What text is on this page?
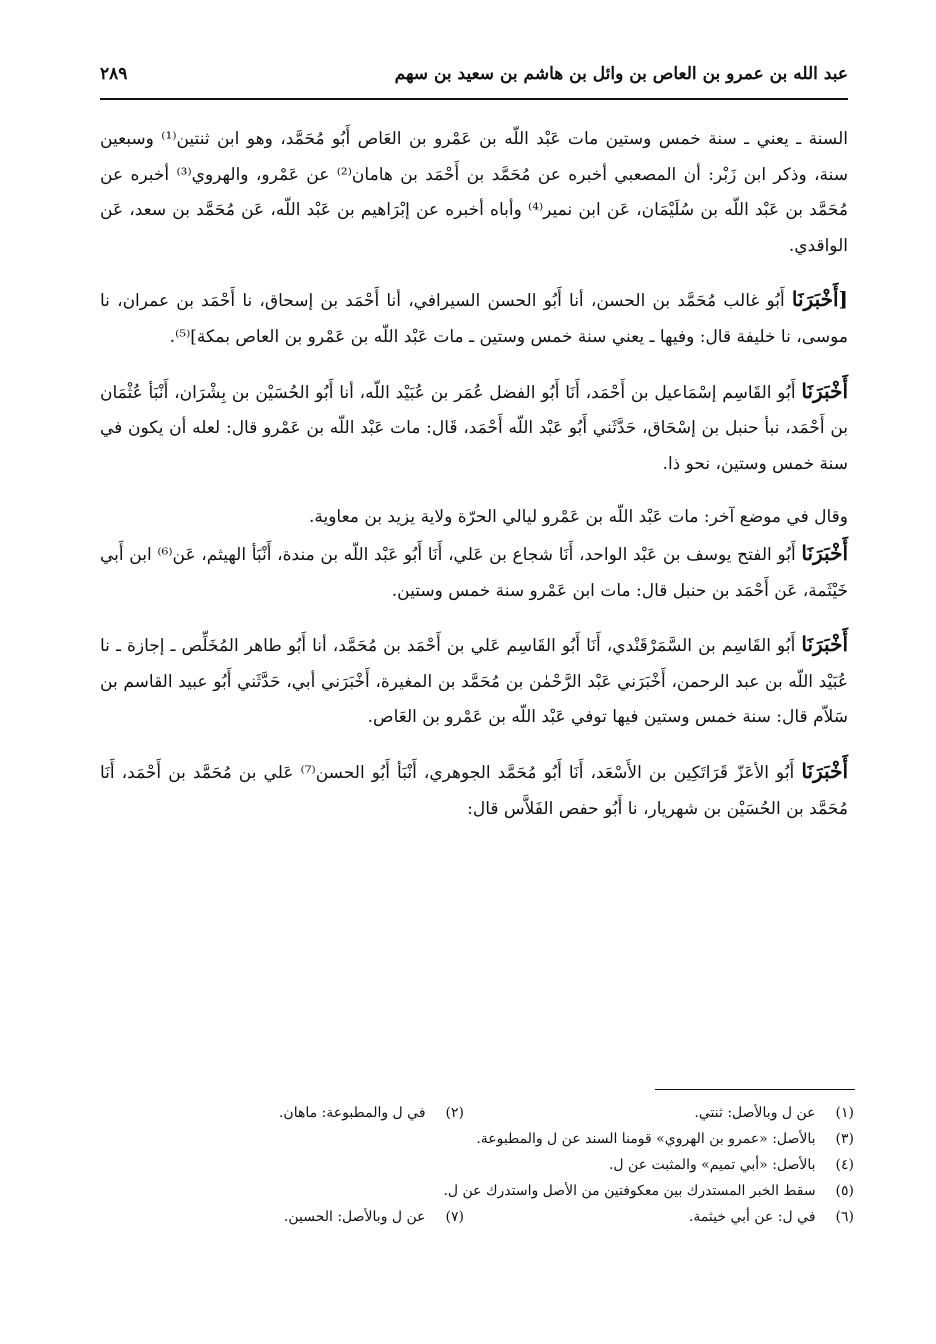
عبد الله بن عمرو بن العاص بن وائل بن هاشم بن سعيد بن سهم
٢٨٩

السنة ـ يعني ـ سنة خمس وستين مات عَبْد اللّه بن عَمْرو بن العَاص أَبُو مُحَمَّد، وهو ابن ثنتين⁽¹⁾ وسبعين سنة، وذكر ابن زَبْر: أن المصعبي أخبره عن مُحَمَّد بن أَحْمَد بن هامان⁽²⁾ عن عَمْرو، والهروي⁽³⁾ أخبره عن مُحَمَّد بن عَبْد اللّه بن سُلَيْمَان، عَن ابن نمير⁽⁴⁾ وأباه أخبره عن إبْرَاهيم بن عَبْد اللّه، عَن مُحَمَّد بن سعد، عَن الواقدي.

[أَخْبَرَنَا أَبُو غالب مُحَمَّد بن الحسن، أنا أَبُو الحسن السيرافي، أنا أَحْمَد بن إسحاق، نا أَحْمَد بن عمران، نا موسى، نا خليفة قال: وفيها ـ يعني سنة خمس وستين ـ مات عَبْد اللّه بن عَمْرو بن العاص بمكة]⁽⁵⁾.

أَخْبَرَنَا أَبُو القَاسِم إسْمَاعيل بن أَحْمَد، أَنَا أَبُو الفضل عُمَر بن عُبَيْد اللّه، أنا أَبُو الحُسَيْن بن بِشْرَان، أَنْبَأ عُثْمَان بن أَحْمَد، نبأ حنبل بن إسْحَاق، حَدَّثَني أَبُو عَبْد اللّه أَحْمَد، قَال: مات عَبْد اللّه بن عَمْرو قال: لعله أن يكون في سنة خمس وستين، نحو ذا.

وقال في موضع آخر: مات عَبْد اللّه بن عَمْرو ليالي الحرّة ولاية يزيد بن معاوية.

أَخْبَرَنَا أَبُو الفتح يوسف بن عَبْد الواحد، أَنَا شجاع بن عَلي، أَنَا أَبُو عَبْد اللّه بن مندة، أَنْبَأ الهيثم، عَن⁽⁶⁾ ابن أَبي خَيْثَمة، عَن أَحْمَد بن حنبل قال: مات ابن عَمْرو سنة خمس وستين.

أَخْبَرَنَا أَبُو القَاسِم بن السَّمَرْقَنْدي، أَنَا أَبُو القَاسِم عَلي بن أَحْمَد بن مُحَمَّد، أنا أَبُو طاهر المُخَلِّص ـ إجازة ـ نا عُبَيْد اللّه بن عبد الرحمن، أَخْبَرَني عَبْد الرَّحْمٰن بن مُحَمَّد بن المغيرة، أَخْبَرَني أبي، حَدَّثَني أَبُو عبيد القاسم بن سَلاّم قال: سنة خمس وستين فيها توفي عَبْد اللّه بن عَمْرو بن العَاص.

أَخْبَرَنَا أَبُو الأعَزّ قَرَاتَكِين بن الأَسْعَد، أَنَا أَبُو مُحَمَّد الجوهري، أَنْبَأ أَبُو الحسن⁽⁷⁾ عَلي بن مُحَمَّد بن أَحْمَد، أَنَا مُحَمَّد بن الحُسَيْن بن شهريار، نا أَبُو حفص الفَلاَّس قال:

(١) عن ل وبالأصل: ثنتي.
(٢) في ل والمطبوعة: ماهان.
(٣) بالأصل: «عمرو بن الهروي» قومنا السند عن ل والمطبوعة.
(٤) بالأصل: «أبي تميم» والمثبت عن ل.
(٥) سقط الخبر المستدرك بين معكوفتين من الأصل واستدرك عن ل.
(٦) في ل: عن أبي خيثمة.
(٧) عن ل وبالأصل: الحسين.
